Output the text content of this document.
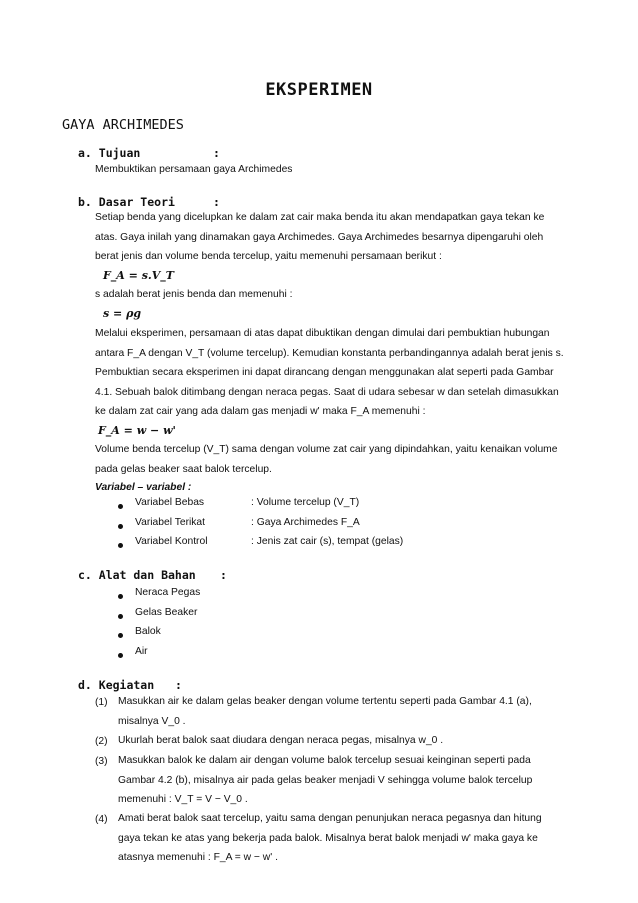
EKSPERIMEN
GAYA ARCHIMEDES
a. Tujuan	:
Membuktikan persamaan gaya Archimedes
b. Dasar Teori	:
Setiap benda yang dicelupkan ke dalam zat cair maka benda itu akan mendapatkan gaya tekan ke
atas. Gaya inilah yang dinamakan gaya Archimedes. Gaya Archimedes besarnya dipengaruhi oleh
berat jenis dan volume benda tercelup, yaitu memenuhi persamaan berikut :
F_A = s.V_T
s adalah berat jenis benda dan memenuhi :
s = ρg
Melalui eksperimen, persamaan di atas dapat dibuktikan dengan dimulai dari pembuktian hubungan
antara F_A dengan V_T (volume tercelup). Kemudian konstanta perbandingannya adalah berat jenis s.
Pembuktian secara eksperimen ini dapat dirancang dengan menggunakan alat seperti pada Gambar
4.1. Sebuah balok ditimbang dengan neraca pegas. Saat di udara sebesar w dan setelah dimasukkan
ke dalam zat cair yang ada dalam gas menjadi w' maka F_A memenuhi :
F_A = w − w'
Volume benda tercelup (V_T) sama dengan volume zat cair yang dipindahkan, yaitu kenaikan volume
pada gelas beaker saat balok tercelup.
Variabel – variabel :
Variabel Bebas	: Volume tercelup (V_T)
Variabel Terikat	: Gaya Archimedes F_A
Variabel Kontrol	: Jenis zat cair (s), tempat (gelas)
c. Alat dan Bahan :
Neraca Pegas
Gelas Beaker
Balok
Air
d. Kegiatan :
(1) Masukkan air ke dalam gelas beaker dengan volume tertentu seperti pada Gambar 4.1 (a),
misalnya V_0 .
(2) Ukurlah berat balok saat diudara dengan neraca pegas, misalnya w_0 .
(3) Masukkan balok ke dalam air dengan volume balok tercelup sesuai keinginan seperti pada
Gambar 4.2 (b), misalnya air pada gelas beaker menjadi V sehingga volume balok tercelup
memenuhi : V_T = V − V_0 .
(4) Amati berat balok saat tercelup, yaitu sama dengan penunjukan neraca pegasnya dan hitung
gaya tekan ke atas yang bekerja pada balok. Misalnya berat balok menjadi w' maka gaya ke
atasnya memenuhi : F_A = w − w' .
